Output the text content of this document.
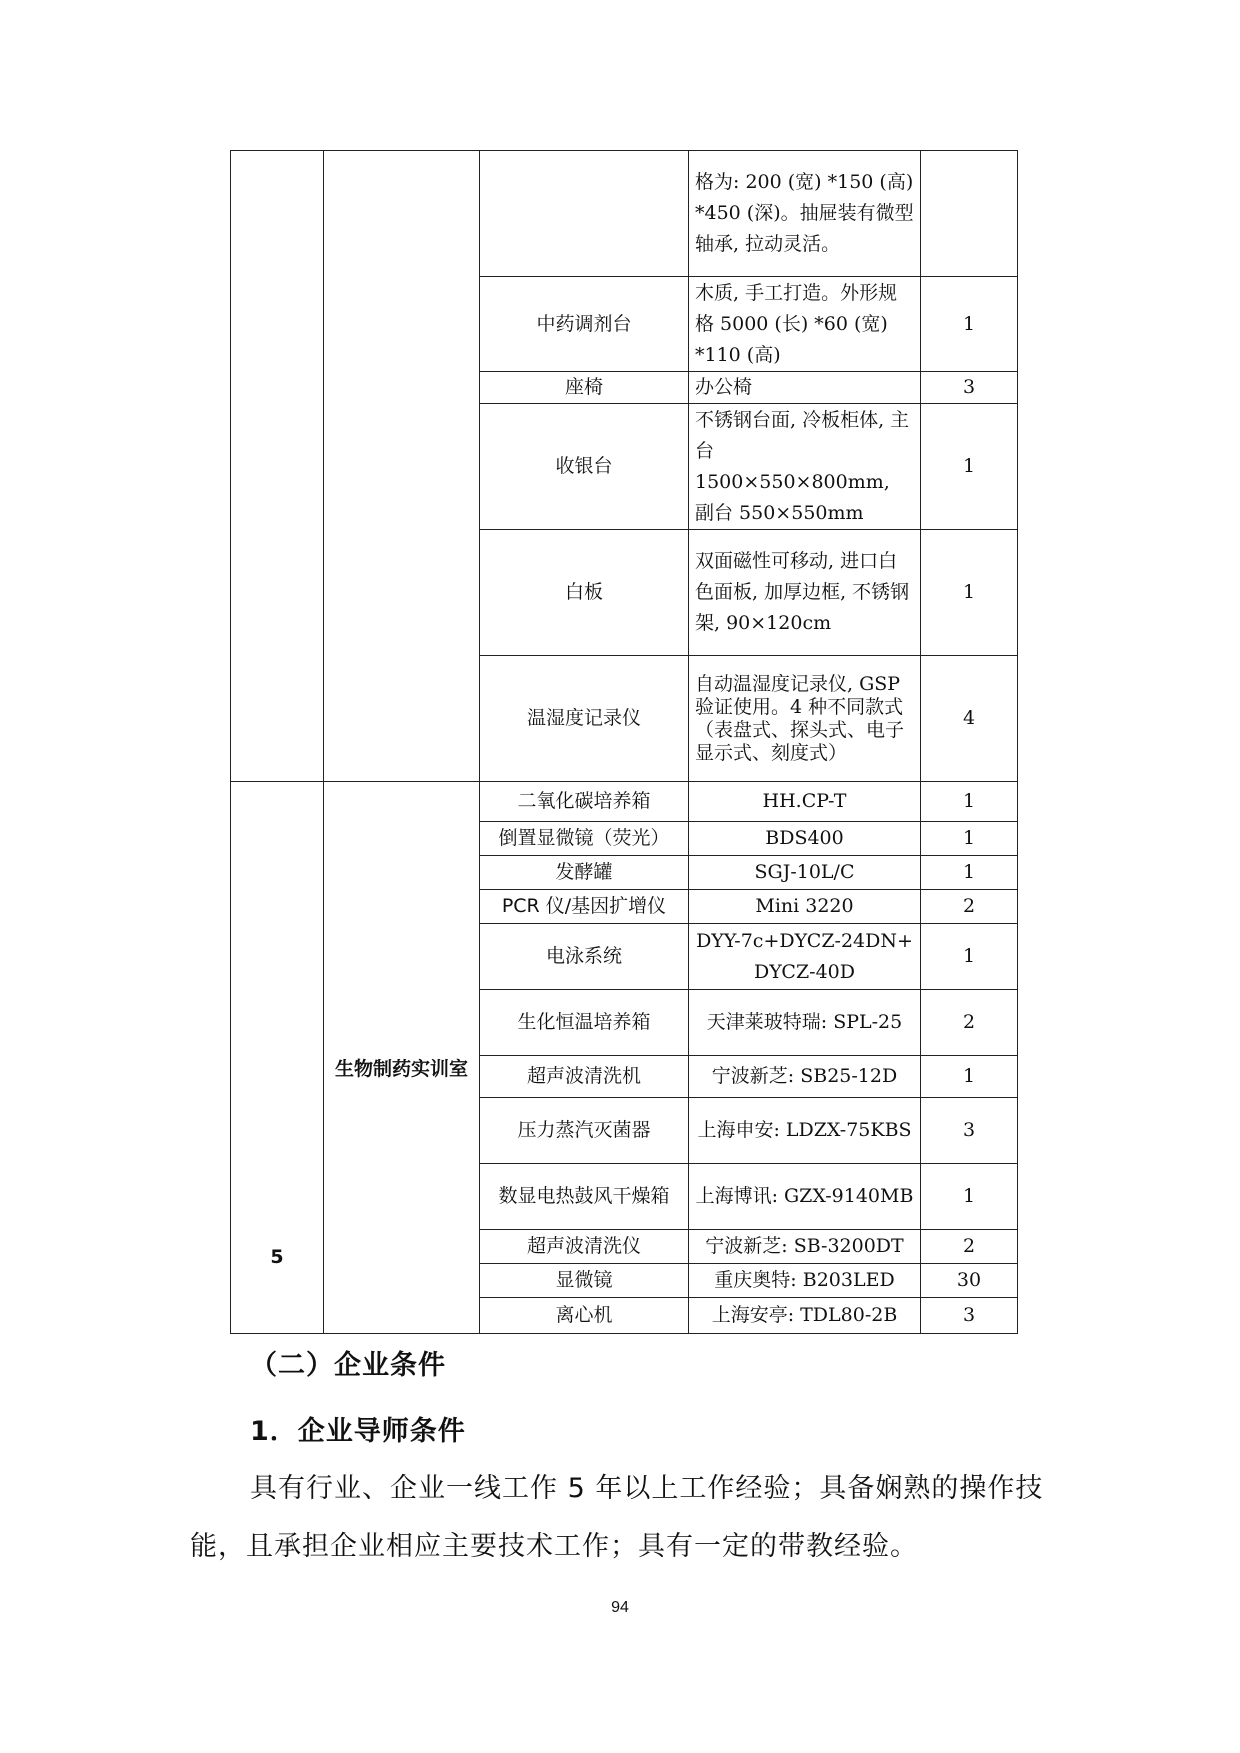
			格为: 200 (宽) *150 (高) *450 (深)。抽屉装有微型轴承, 拉动灵活。	
		中药调剂台	木质, 手工打造。外形规格 5000 (长) *60 (宽) *110 (高)	1
		座椅	办公椅	3
		收银台	不锈钢台面, 冷板柜体, 主台 1500×550×800mm, 副台 550×550mm	1
		白板	双面磁性可移动, 进口白色面板, 加厚边框, 不锈钢架, 90×120cm	1
		温湿度记录仪	自动温湿度记录仪, GSP 验证使用。4 种不同款式（表盘式、探头式、电子显示式、刻度式）	4
5	生物制药实训室	二氧化碳培养箱	HH.CP-T	1
		倒置显微镜（荧光）	BDS400	1
		发酵罐	SGJ-10L/C	1
		PCR 仪/基因扩增仪	Mini 3220	2
		电泳系统	DYY-7c+DYCZ-24DN+DYCZ-40D	1
		生化恒温培养箱	天津莱玻特瑞: SPL-25	2
		超声波清洗机	宁波新芝: SB25-12D	1
		压力蒸汽灭菌器	上海申安: LDZX-75KBS	3
		数显电热鼓风干燥箱	上海博讯: GZX-9140MB	1
		超声波清洗仪	宁波新芝: SB-3200DT	2
		显微镜	重庆奥特: B203LED	30
		离心机	上海安亭: TDL80-2B	3
（二）企业条件
1．企业导师条件

具有行业、企业一线工作 5 年以上工作经验；具备娴熟的操作技能，且承担企业相应主要技术工作；具有一定的带教经验。

94
